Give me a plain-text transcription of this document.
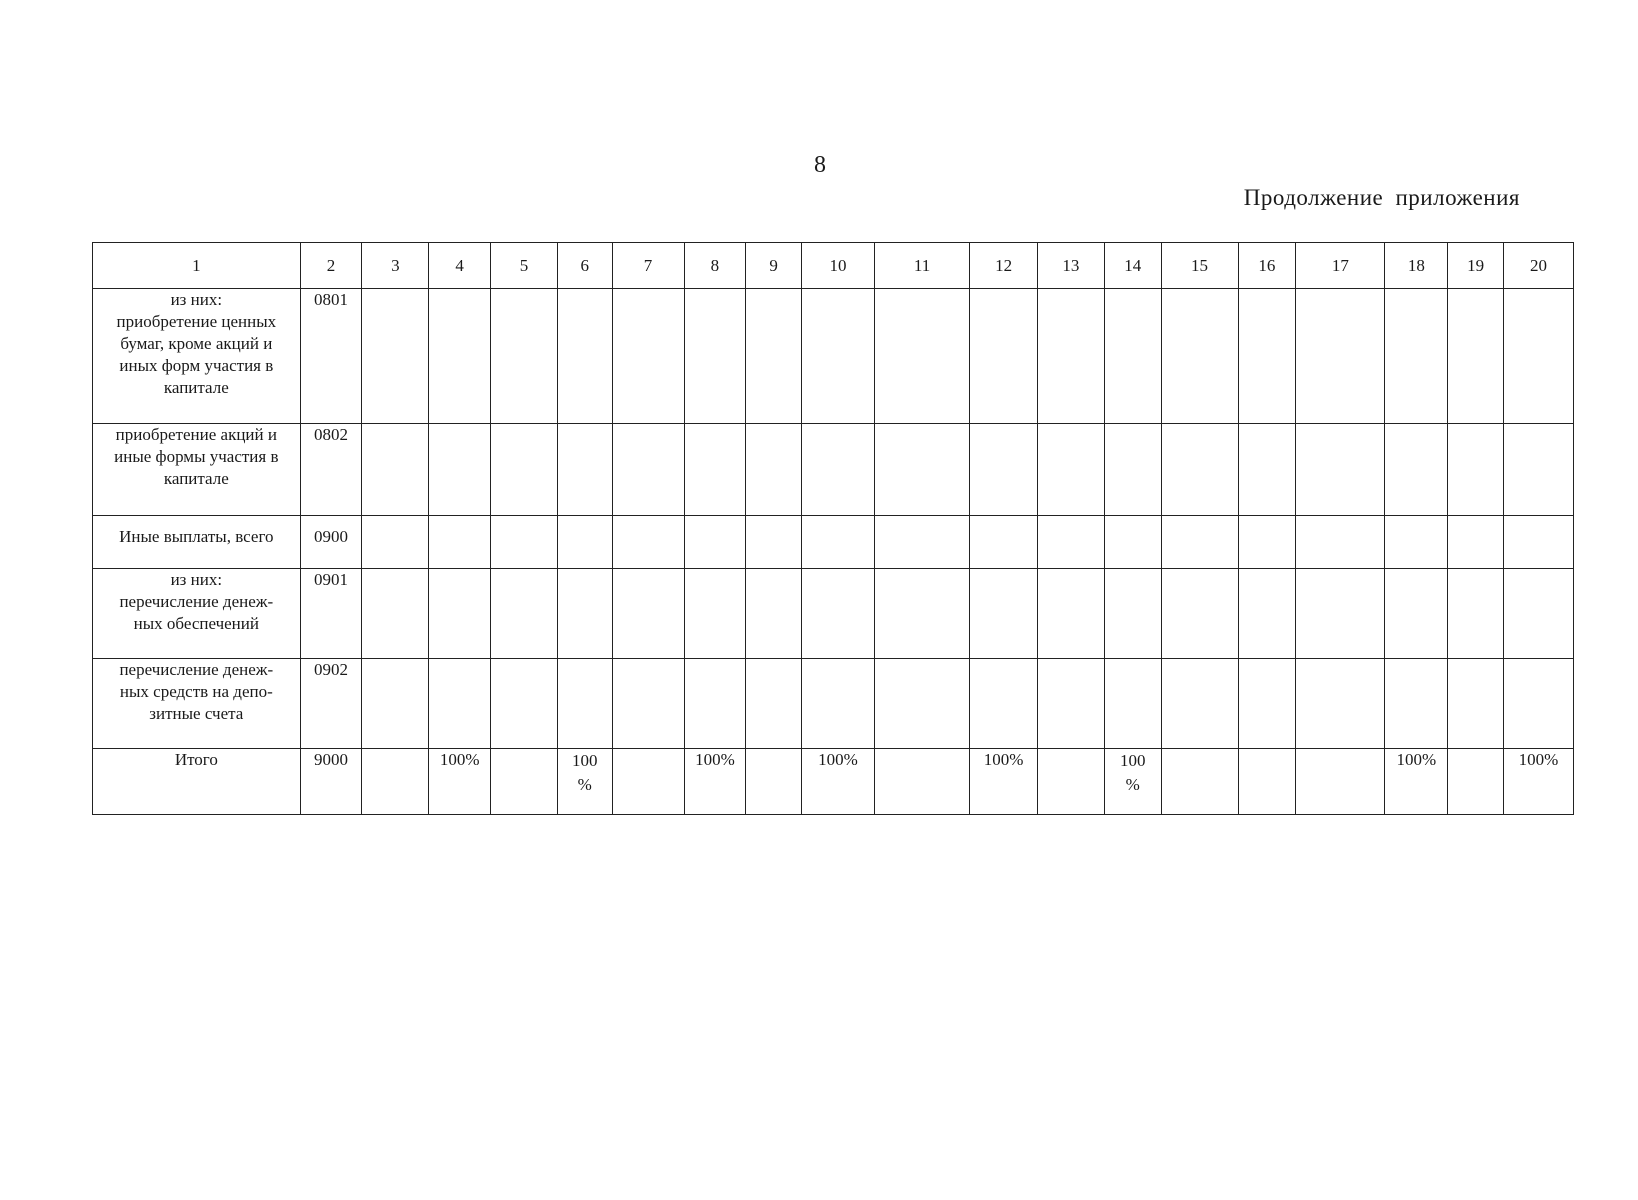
8
Продолжение приложения
1	2	3	4	5	6	7	8	9	10	11	12	13	14	15	16	17	18	19	20

из них:
приобретение ценных
бумаг, кроме акций и
иных форм участия в
капитале	0801																		

приобретение акций и
иные формы участия в
капитале	0802																		

Иные выплаты, всего	0900																		

из них:
перечисление денеж-
ных обеспечений	0901																		

перечисление денеж-
ных средств на депо-
зитные счета	0902																		

Итого	9000		100%		100
%		100%		100%		100%		100
%				100%		100%
